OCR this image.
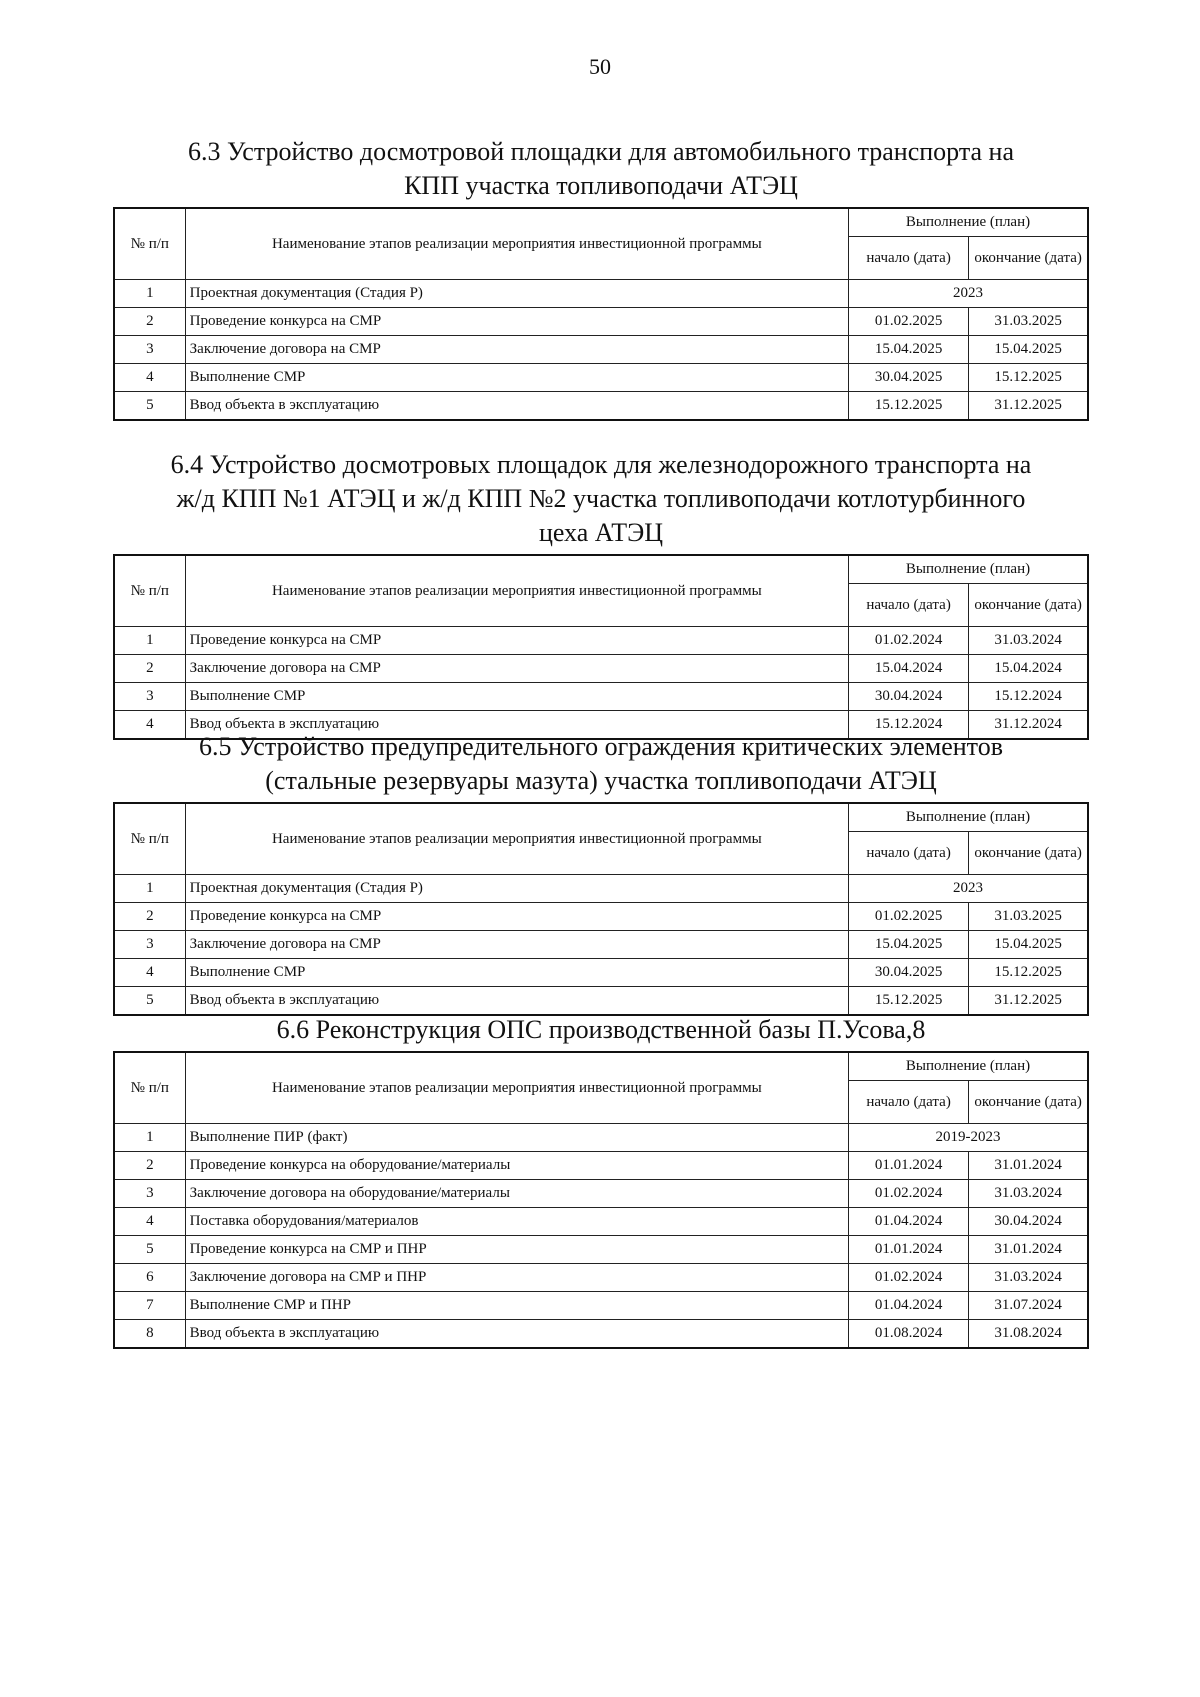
50
6.3 Устройство досмотровой площадки для автомобильного транспорта на КПП участка топливоподачи АТЭЦ
№ п/п	Наименование этапов реализации мероприятия инвестиционной программы	Выполнение (план)	
		начало (дата)	окончание (дата)
1	Проектная документация (Стадия Р)	2023	
2	Проведение конкурса на СМР	01.02.2025	31.03.2025
3	Заключение договора на СМР	15.04.2025	15.04.2025
4	Выполнение СМР	30.04.2025	15.12.2025
5	Ввод объекта в эксплуатацию	15.12.2025	31.12.2025
6.4 Устройство досмотровых площадок для железнодорожного транспорта на ж/д КПП №1 АТЭЦ и ж/д КПП №2 участка топливоподачи котлотурбинного цеха АТЭЦ
№ п/п	Наименование этапов реализации мероприятия инвестиционной программы	Выполнение (план)	
		начало (дата)	окончание (дата)
1	Проведение конкурса на СМР	01.02.2024	31.03.2024
2	Заключение договора на СМР	15.04.2024	15.04.2024
3	Выполнение СМР	30.04.2024	15.12.2024
4	Ввод объекта в эксплуатацию	15.12.2024	31.12.2024
6.5 Устройство предупредительного ограждения критических элементов (стальные резервуары мазута) участка топливоподачи АТЭЦ
№ п/п	Наименование этапов реализации мероприятия инвестиционной программы	Выполнение (план)	
		начало (дата)	окончание (дата)
1	Проектная документация (Стадия Р)	2023	
2	Проведение конкурса на СМР	01.02.2025	31.03.2025
3	Заключение договора на СМР	15.04.2025	15.04.2025
4	Выполнение СМР	30.04.2025	15.12.2025
5	Ввод объекта в эксплуатацию	15.12.2025	31.12.2025
6.6 Реконструкция ОПС производственной базы П.Усова,8
№ п/п	Наименование этапов реализации мероприятия инвестиционной программы	Выполнение (план)	
		начало (дата)	окончание (дата)
1	Выполнение ПИР (факт)	2019-2023	
2	Проведение конкурса на оборудование/материалы	01.01.2024	31.01.2024
3	Заключение договора на оборудование/материалы	01.02.2024	31.03.2024
4	Поставка оборудования/материалов	01.04.2024	30.04.2024
5	Проведение конкурса на СМР и ПНР	01.01.2024	31.01.2024
6	Заключение договора на СМР и ПНР	01.02.2024	31.03.2024
7	Выполнение СМР и ПНР	01.04.2024	31.07.2024
8	Ввод объекта в эксплуатацию	01.08.2024	31.08.2024
